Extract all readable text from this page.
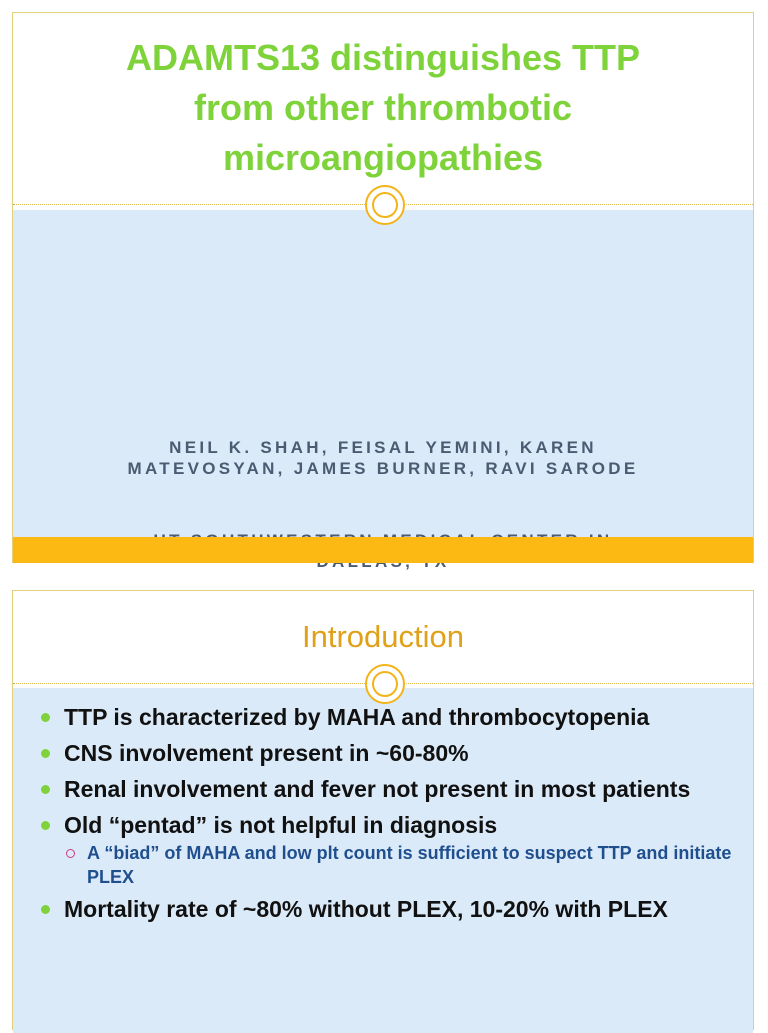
ADAMTS13 distinguishes TTP
from other thrombotic
microangiopathies

NEIL K. SHAH, FEISAL YEMINI, KAREN MATEVOSYAN, JAMES BURNER, RAVI SARODE

Introduction
TTP is characterized by MAHA and thrombocytopenia
CNS involvement present in ~60-80%
Renal involvement and fever not present in most patients
Old “pentad” is not helpful in diagnosis
A “biad” of MAHA and low plt count is sufficient to suspect TTP and initiate PLEX
Mortality rate of ~80% without PLEX, 10-20% with PLEX
